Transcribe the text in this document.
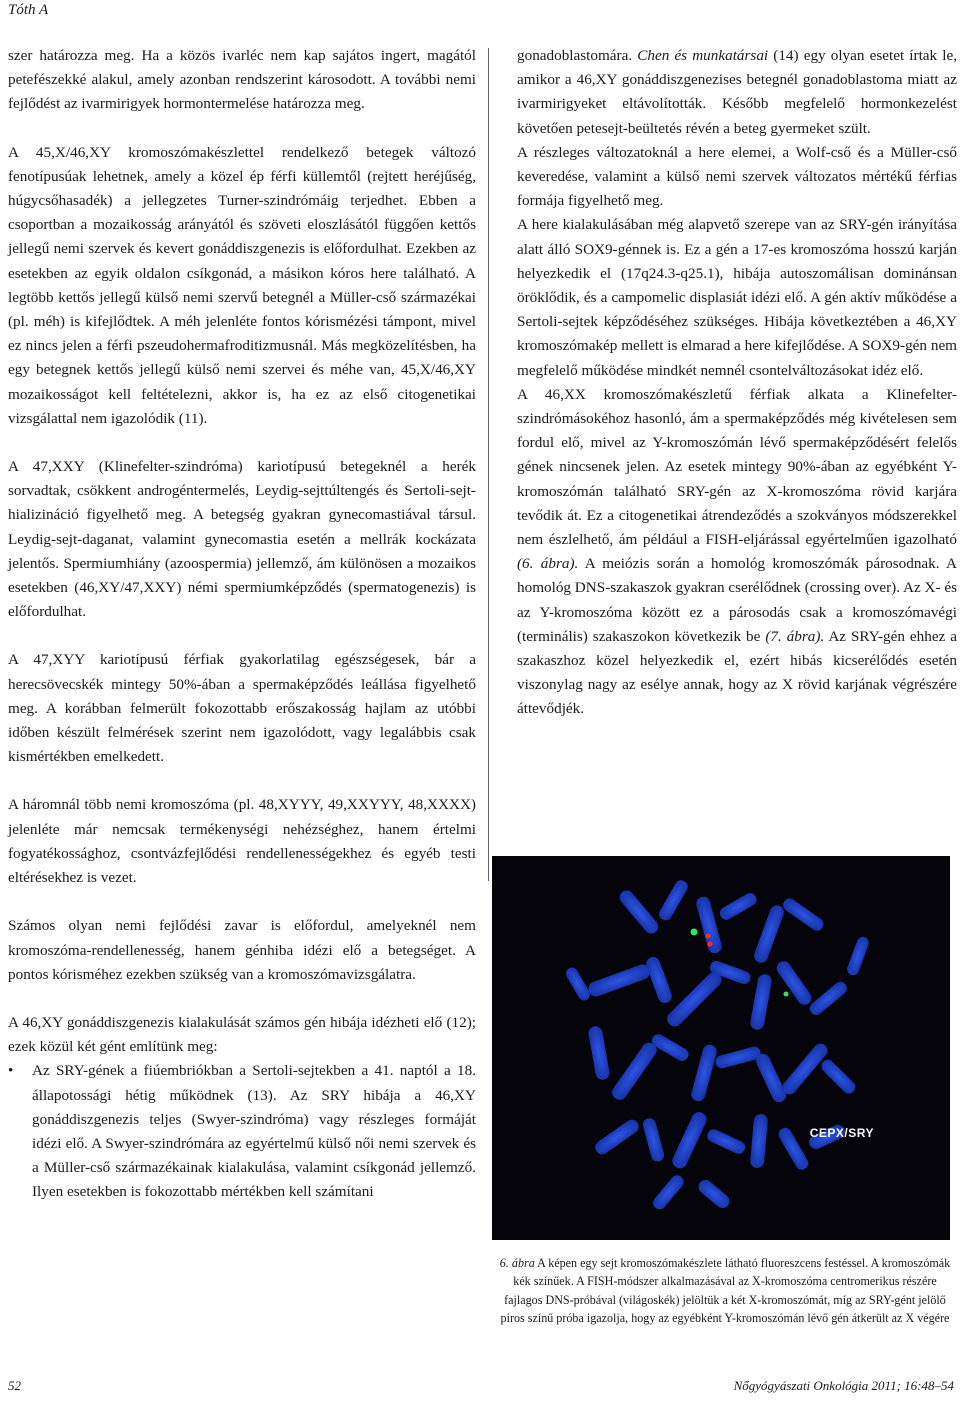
Tóth A

szer határozza meg. Ha a közös ivarléc nem kap sajátos ingert, magától petefészekké alakul, amely azonban rendszerint károsodott. A további nemi fejlődést az ivarmirigyek hormontermelése határozza meg.

A 45,X/46,XY kromoszómakészlettel rendelkező betegek változó fenotípusúak lehetnek, amely a közel ép férfi küllemtől (rejtett heréjűség, húgycsőhasadék) a jellegzetes Turner-szindrómáig terjedhet. Ebben a csoportban a mozaikosság arányától és szöveti eloszlásától függően kettős jellegű nemi szervek és kevert gonáddiszgenezis is előfordulhat. Ezekben az esetekben az egyik oldalon csíkgonád, a másikon kóros here található. A legtöbb kettős jellegű külső nemi szervű betegnél a Müller-cső származékai (pl. méh) is kifejlődtek. A méh jelenléte fontos kórismézési támpont, mivel ez nincs jelen a férfi pszeudohermafroditizmusnál. Más megközelítésben, ha egy betegnek kettős jellegű külső nemi szervei és méhe van, 45,X/46,XY mozaikosságot kell feltételezni, akkor is, ha ez az első citogenetikai vizsgálattal nem igazolódik (11).

A 47,XXY (Klinefelter-szindróma) kariotípusú betegeknél a herék sorvadtak, csökkent androgéntermelés, Leydig-sejttúltengés és Sertoli-sejt-hializináció figyelhető meg. A betegség gyakran gynecomastiával társul. Leydig-sejt-daganat, valamint gynecomastia esetén a mellrák kockázata jelentős. Spermiumhiány (azoospermia) jellemző, ám különösen a mozaikos esetekben (46,XY/47,XXY) némi spermiumképződés (spermatogenezis) is előfordulhat.

A 47,XYY kariotípusú férfiak gyakorlatilag egészségesek, bár a herecsövecskék mintegy 50%-ában a spermaképződés leállása figyelhető meg. A korábban felmerült fokozottabb erőszakosság hajlam az utóbbi időben készült felmérések szerint nem igazolódott, vagy legalábbis csak kismértékben emelkedett.

A háromnál több nemi kromoszóma (pl. 48,XYYY, 49,XXYYY, 48,XXXX) jelenléte már nemcsak termékenységi nehézséghez, hanem értelmi fogyatékossághoz, csontvázfejlődési rendellenességekhez és egyéb testi eltérésekhez is vezet.

Számos olyan nemi fejlődési zavar is előfordul, amelyeknél nem kromoszóma-rendellenesség, hanem génhiba idézi elő a betegséget. A pontos kórisméhez ezekben szükség van a kromoszómavizsgálatra.

A 46,XY gonáddiszgenezis kialakulását számos gén hibája idézheti elő (12); ezek közül két gént említünk meg:

• Az SRY-gének a fiúembriókban a Sertoli-sejtekben a 41. naptól a 18. állapotossági hétig működnek (13). Az SRY hibája a 46,XY gonáddiszgenezis teljes (Swyer-szindróma) vagy részleges formáját idézi elő. A Swyer-szindrómára az egyértelmű külső női nemi szervek és a Müller-cső származékainak kialakulása, valamint csíkgonád jellemző. Ilyen esetekben is fokozottabb mértékben kell számítani

gonadoblastomára. Chen és munkatársai (14) egy olyan esetet írtak le, amikor a 46,XY gonáddiszgenezises betegnél gonadoblastoma miatt az ivarmirigyeket eltávolították. Később megfelelő hormonkezelést követően petesejt-beültetés révén a beteg gyermeket szült.

A részleges változatoknál a here elemei, a Wolf-cső és a Müller-cső keveredése, valamint a külső nemi szervek változatos mértékű férfias formája figyelhető meg.

A here kialakulásában még alapvető szerepe van az SRY-gén irányítása alatt álló SOX9-génnek is. Ez a gén a 17-es kromoszóma hosszú karján helyezkedik el (17q24.3-q25.1), hibája autoszomálisan dominánsan öröklődik, és a campomelic displasiát idézi elő. A gén aktív működése a Sertoli-sejtek képződéséhez szükséges. Hibája következtében a 46,XY kromoszómakép mellett is elmarad a here kifejlődése. A SOX9-gén nem megfelelő működése mindkét nemnél csontelváltozásokat idéz elő.

A 46,XX kromoszómakészletű férfiak alkata a Klinefelter-szindrómásokéhoz hasonló, ám a spermaképződés még kivételesen sem fordul elő, mivel az Y-kromoszómán lévő spermaképződésért felelős gének nincsenek jelen. Az esetek mintegy 90%-ában az egyébként Y-kromoszómán található SRY-gén az X-kromoszóma rövid karjára tevődik át. Ez a citogenetikai átrendeződés a szokványos módszerekkel nem észlelhető, ám például a FISH-eljárással egyértelműen igazolható (6. ábra). A meiózis során a homológ kromoszómák párosodnak. A homológ DNS-szakaszok gyakran cserélődnek (crossing over). Az X- és az Y-kromoszóma között ez a párosodás csak a kromoszómavégi (terminális) szakaszokon következik be (7. ábra). Az SRY-gén ehhez a szakaszhoz közel helyezkedik el, ezért hibás kicserélődés esetén viszonylag nagy az esélye annak, hogy az X rövid karjának végrészére áttevődjék.

CEPX/SRY
6. ábra A képen egy sejt kromoszómakészlete látható fluoreszcens festéssel. A kromoszómák kék színűek. A FISH-módszer alkalmazásával az X-kromoszóma centromerikus részére fajlagos DNS-próbával (világoskék) jelöltük a két X-kromoszómát, míg az SRY-gént jelölő piros színű próba igazolja, hogy az egyébként Y-kromoszómán lévő gén átkerült az X végére
52	Nőgyógyászati Onkológia 2011; 16:48–54
